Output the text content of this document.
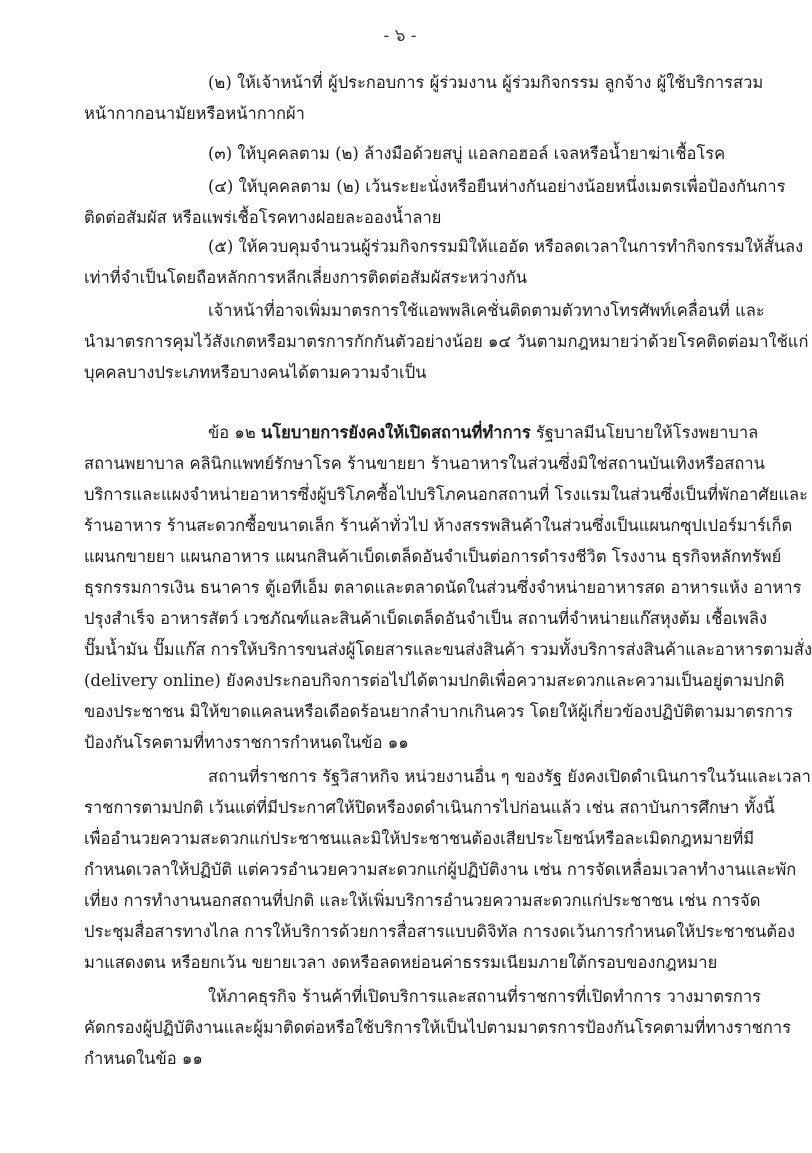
- ๖ -
(๒) ให้เจ้าหน้าที่ ผู้ประกอบการ ผู้ร่วมงาน ผู้ร่วมกิจกรรม ลูกจ้าง ผู้ใช้บริการสวม
หน้ากากอนามัยหรือหน้ากากผ้า
(๓) ให้บุคคลตาม (๒) ล้างมือด้วยสบู่ แอลกอฮอล์ เจลหรือน้ำยาฆ่าเชื้อโรค
(๔) ให้บุคคลตาม (๒) เว้นระยะนั่งหรือยืนห่างกันอย่างน้อยหนึ่งเมตรเพื่อป้องกันการ
ติดต่อสัมผัส หรือแพร่เชื้อโรคทางฝอยละอองน้ำลาย
(๕) ให้ควบคุมจำนวนผู้ร่วมกิจกรรมมิให้แออัด หรือลดเวลาในการทำกิจกรรมให้สั้นลง
เท่าที่จำเป็นโดยถือหลักการหลีกเลี่ยงการติดต่อสัมผัสระหว่างกัน
เจ้าหน้าที่อาจเพิ่มมาตรการใช้แอพพลิเคชั่นติดตามตัวทางโทรศัพท์เคลื่อนที่ และ
นำมาตรการคุมไว้สังเกตหรือมาตรการกักกันตัวอย่างน้อย ๑๔ วันตามกฎหมายว่าด้วยโรคติดต่อมาใช้แก่
บุคคลบางประเภทหรือบางคนได้ตามความจำเป็น
ข้อ ๑๒ นโยบายการยังคงให้เปิดสถานที่ทำการ รัฐบาลมีนโยบายให้โรงพยาบาล
สถานพยาบาล คลินิกแพทย์รักษาโรค ร้านขายยา ร้านอาหารในส่วนซึ่งมิใช่สถานบันเทิงหรือสถาน
บริการและแผงจำหน่ายอาหารซึ่งผู้บริโภคซื้อไปบริโภคนอกสถานที่ โรงแรมในส่วนซึ่งเป็นที่พักอาศัยและ
ร้านอาหาร ร้านสะดวกซื้อขนาดเล็ก ร้านค้าทั่วไป ห้างสรรพสินค้าในส่วนซึ่งเป็นแผนกซุปเปอร์มาร์เก็ต
แผนกขายยา แผนกอาหาร แผนกสินค้าเบ็ดเตล็ดอันจำเป็นต่อการดำรงชีวิต โรงงาน ธุรกิจหลักทรัพย์
ธุรกรรมการเงิน ธนาคาร ตู้เอทีเอ็ม ตลาดและตลาดนัดในส่วนซึ่งจำหน่ายอาหารสด อาหารแห้ง อาหาร
ปรุงสำเร็จ อาหารสัตว์ เวชภัณฑ์และสินค้าเบ็ดเตล็ดอันจำเป็น สถานที่จำหน่ายแก๊สหุงต้ม เชื้อเพลิง
ปั๊มน้ำมัน ปั๊มแก๊ส การให้บริการขนส่งผู้โดยสารและขนส่งสินค้า รวมทั้งบริการส่งสินค้าและอาหารตามสั่ง
(delivery online) ยังคงประกอบกิจการต่อไปได้ตามปกติเพื่อความสะดวกและความเป็นอยู่ตามปกติ
ของประชาชน มิให้ขาดแคลนหรือเดือดร้อนยากลำบากเกินควร โดยให้ผู้เกี่ยวข้องปฏิบัติตามมาตรการ
ป้องกันโรคตามที่ทางราชการกำหนดในข้อ ๑๑
สถานที่ราชการ รัฐวิสาหกิจ หน่วยงานอื่น ๆ ของรัฐ ยังคงเปิดดำเนินการในวันและเวลา
ราชการตามปกติ เว้นแต่ที่มีประกาศให้ปิดหรืองดดำเนินการไปก่อนแล้ว เช่น สถาบันการศึกษา ทั้งนี้
เพื่ออำนวยความสะดวกแก่ประชาชนและมิให้ประชาชนต้องเสียประโยชน์หรือละเมิดกฎหมายที่มี
กำหนดเวลาให้ปฏิบัติ แต่ควรอำนวยความสะดวกแก่ผู้ปฏิบัติงาน เช่น การจัดเหลื่อมเวลาทำงานและพัก
เที่ยง การทำงานนอกสถานที่ปกติ และให้เพิ่มบริการอำนวยความสะดวกแก่ประชาชน เช่น การจัด
ประชุมสื่อสารทางไกล การให้บริการด้วยการสื่อสารแบบดิจิทัล การงดเว้นการกำหนดให้ประชาชนต้อง
มาแสดงตน หรือยกเว้น ขยายเวลา งดหรือลดหย่อนค่าธรรมเนียมภายใต้กรอบของกฎหมาย
ให้ภาคธุรกิจ ร้านค้าที่เปิดบริการและสถานที่ราชการที่เปิดทำการ วางมาตรการ
คัดกรองผู้ปฏิบัติงานและผู้มาติดต่อหรือใช้บริการให้เป็นไปตามมาตรการป้องกันโรคตามที่ทางราชการ
กำหนดในข้อ ๑๑
